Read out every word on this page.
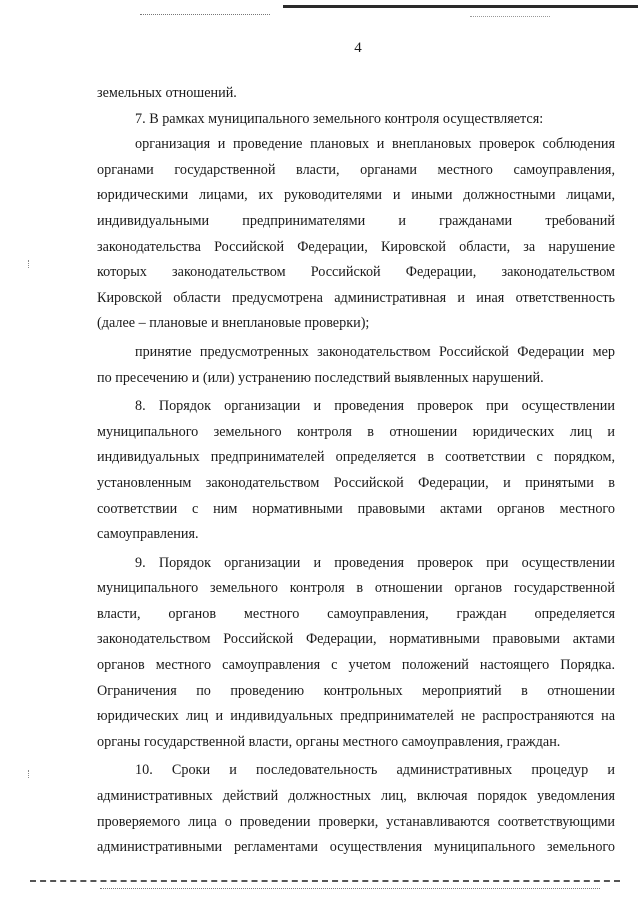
4

земельных отношений.

7. В рамках муниципального земельного контроля осуществляется:

организация и проведение плановых и внеплановых проверок соблюдения
органами государственной власти, органами местного самоуправления,
юридическими лицами, их руководителями и иными должностными лицами,
индивидуальными предпринимателями и гражданами требований
законодательства Российской Федерации, Кировской области, за нарушение
которых законодательством Российской Федерации, законодательством
Кировской области предусмотрена административная и иная ответственность
(далее – плановые и внеплановые проверки);
принятие предусмотренных законодательством Российской Федерации мер
по пресечению и (или) устранению последствий выявленных нарушений.
8. Порядок организации и проведения проверок при осуществлении
муниципального земельного контроля в отношении юридических лиц и
индивидуальных предпринимателей определяется в соответствии с порядком,
установленным законодательством Российской Федерации, и принятыми в
соответствии с ним нормативными правовыми актами органов местного
самоуправления.
9. Порядок организации и проведения проверок при осуществлении
муниципального земельного контроля в отношении органов государственной
власти, органов местного самоуправления, граждан определяется
законодательством Российской Федерации, нормативными правовыми актами
органов местного самоуправления с учетом положений настоящего Порядка.
Ограничения по проведению контрольных мероприятий в отношении
юридических лиц и индивидуальных предпринимателей не распространяются на
органы государственной власти, органы местного самоуправления, граждан.
10. Сроки и последовательность административных процедур и
административных действий должностных лиц, включая порядок уведомления
проверяемого лица о проведении проверки, устанавливаются соответствующими
административными регламентами осуществления муниципального земельного
